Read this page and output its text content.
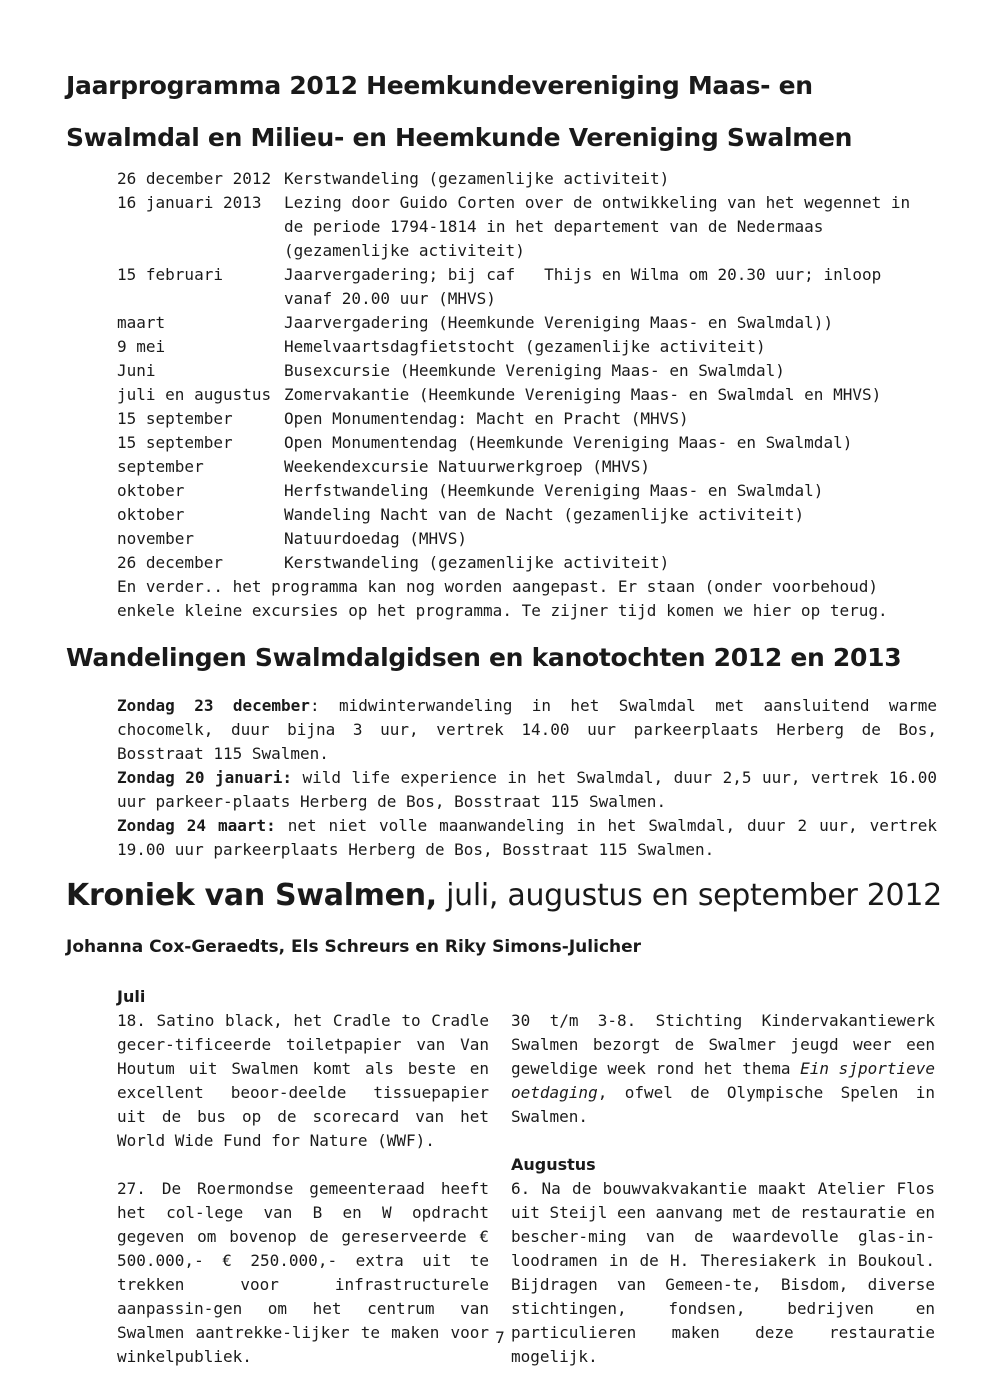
Jaarprogramma 2012 Heemkundevereniging Maas- en Swalmdal en Milieu- en Heemkunde Vereniging Swalmen
26 december 2012 Kerstwandeling (gezamenlijke activiteit)
16 januari 2013	Lezing door Guido Corten over de ontwikkeling van het wegennet in de periode 1794-1814 in het departement van de Nedermaas (gezamenlijke activiteit)
15 februari	Jaarvergadering; bij caf   Thijs en Wilma om 20.30 uur; inloop vanaf 20.00 uur (MHVS)
maart	Jaarvergadering (Heemkunde Vereniging Maas- en Swalmdal))
9 mei	Hemelvaartsdagfietstocht (gezamenlijke activiteit)
Juni	Busexcursie (Heemkunde Vereniging Maas- en Swalmdal)
juli en augustus Zomervakantie (Heemkunde Vereniging Maas- en Swalmdal en MHVS)
15 september	Open Monumentendag: Macht en Pracht (MHVS)
15 september	Open Monumentendag (Heemkunde Vereniging Maas- en Swalmdal)
september	Weekendexcursie Natuurwerkgroep (MHVS)
oktober	Herfstwandeling (Heemkunde Vereniging Maas- en Swalmdal)
oktober	Wandeling Nacht van de Nacht (gezamenlijke activiteit)
november	Natuurdoedag (MHVS)
26 december	Kerstwandeling (gezamenlijke activiteit)
En verder.. het programma kan nog worden aangepast. Er staan (onder voorbehoud) enkele kleine excursies op het programma. Te zijner tijd komen we hier op terug.
Wandelingen Swalmdalgidsen en kanotochten 2012 en 2013

Zondag 23 december: midwinterwandeling in het Swalmdal met aansluitend warme chocomelk, duur bijna 3 uur, vertrek 14.00 uur parkeerplaats Herberg de Bos, Bosstraat 115 Swalmen.

Zondag 20 januari: wild life experience in het Swalmdal, duur 2,5 uur, vertrek 16.00 uur parkeer-plaats Herberg de Bos, Bosstraat 115 Swalmen.

Zondag 24 maart: net niet volle maanwandeling in het Swalmdal, duur 2 uur, vertrek 19.00 uur parkeerplaats Herberg de Bos, Bosstraat 115 Swalmen.

Kroniek van Swalmen, juli, augustus en september 2012
Johanna Cox-Geraedts, Els Schreurs en Riky Simons-Julicher
Juli

18. Satino black, het Cradle to Cradle gecer-tificeerde toiletpapier van Van Houtum uit Swalmen komt als beste en excellent beoor-deelde tissuepapier uit de bus op de scorecard van het World Wide Fund for Nature (WWF).

27. De Roermondse gemeenteraad heeft het col-lege van B en W opdracht gegeven om bovenop de gereserveerde € 500.000,- € 250.000,- extra uit te trekken voor infrastructurele aanpassin-gen om het centrum van Swalmen aantrekke-lijker te maken voor winkelpubliek.

30 t/m 3-8. Stichting Kindervakantiewerk Swalmen bezorgt de Swalmer jeugd weer een geweldige week rond het thema Ein sjportieve oetdaging, ofwel de Olympische Spelen in Swalmen.

Augustus

6. Na de bouwvakvakantie maakt Atelier Flos uit Steijl een aanvang met de restauratie en bescher-ming van de waardevolle glas-in-loodramen in de H. Theresiakerk in Boukoul. Bijdragen van Gemeen-te, Bisdom, diverse stichtingen, fondsen, bedrijven en particulieren maken deze restauratie mogelijk.

7
